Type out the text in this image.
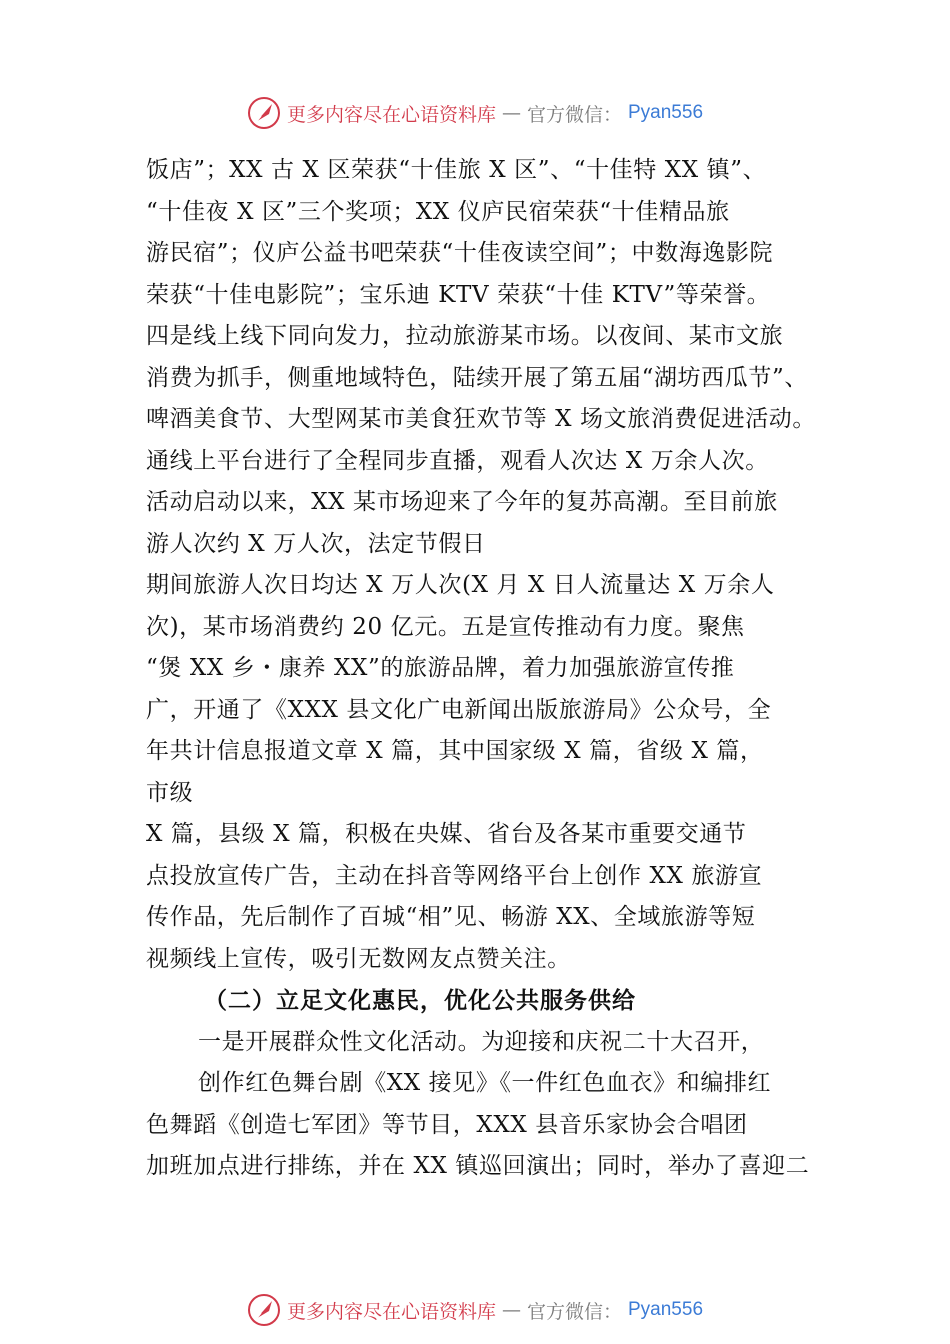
更多内容尽在心语资料库 — 官方微信： Pyan556
饭店”；XX 古 X 区荣获“十佳旅 X 区”、“十佳特 XX 镇”、
“十佳夜 X 区”三个奖项；XX 仪庐民宿荣获“十佳精品旅
游民宿”；仪庐公益书吧荣获“十佳夜读空间”；中数海逸影院
荣获“十佳电影院”；宝乐迪 KTV 荣获“十佳 KTV”等荣誉。
四是线上线下同向发力，拉动旅游某市场。以夜间、某市文旅
消费为抓手，侧重地域特色，陆续开展了第五届“湖坊西瓜节”、
啤酒美食节、大型网某市美食狂欢节等 X 场文旅消费促进活动。
通线上平台进行了全程同步直播，观看人次达 X 万余人次。
活动启动以来，XX 某市场迎来了今年的复苏高潮。至目前旅
游人次约 X 万人次，法定节假日
期间旅游人次日均达 X 万人次(X 月 X 日人流量达 X 万余人
次)，某市场消费约 20 亿元。五是宣传推动有力度。聚焦
“煲 XX 乡・康养 XX”的旅游品牌，着力加强旅游宣传推
广，开通了《XXX 县文化广电新闻出版旅游局》公众号，全
年共计信息报道文章 X 篇，其中国家级 X 篇，省级 X 篇，
市级
X 篇，县级 X 篇，积极在央媒、省台及各某市重要交通节
点投放宣传广告，主动在抖音等网络平台上创作 XX 旅游宣
传作品，先后制作了百城“相”见、畅游 XX、全域旅游等短
视频线上宣传，吸引无数网友点赞关注。
（二）立足文化惠民，优化公共服务供给
一是开展群众性文化活动。为迎接和庆祝二十大召开，
创作红色舞台剧《XX 接见》《一件红色血衣》和编排红
色舞蹈《创造七军团》等节目，XXX 县音乐家协会合唱团
加班加点进行排练，并在 XX 镇巡回演出；同时，举办了喜迎二
更多内容尽在心语资料库 — 官方微信： Pyan556
